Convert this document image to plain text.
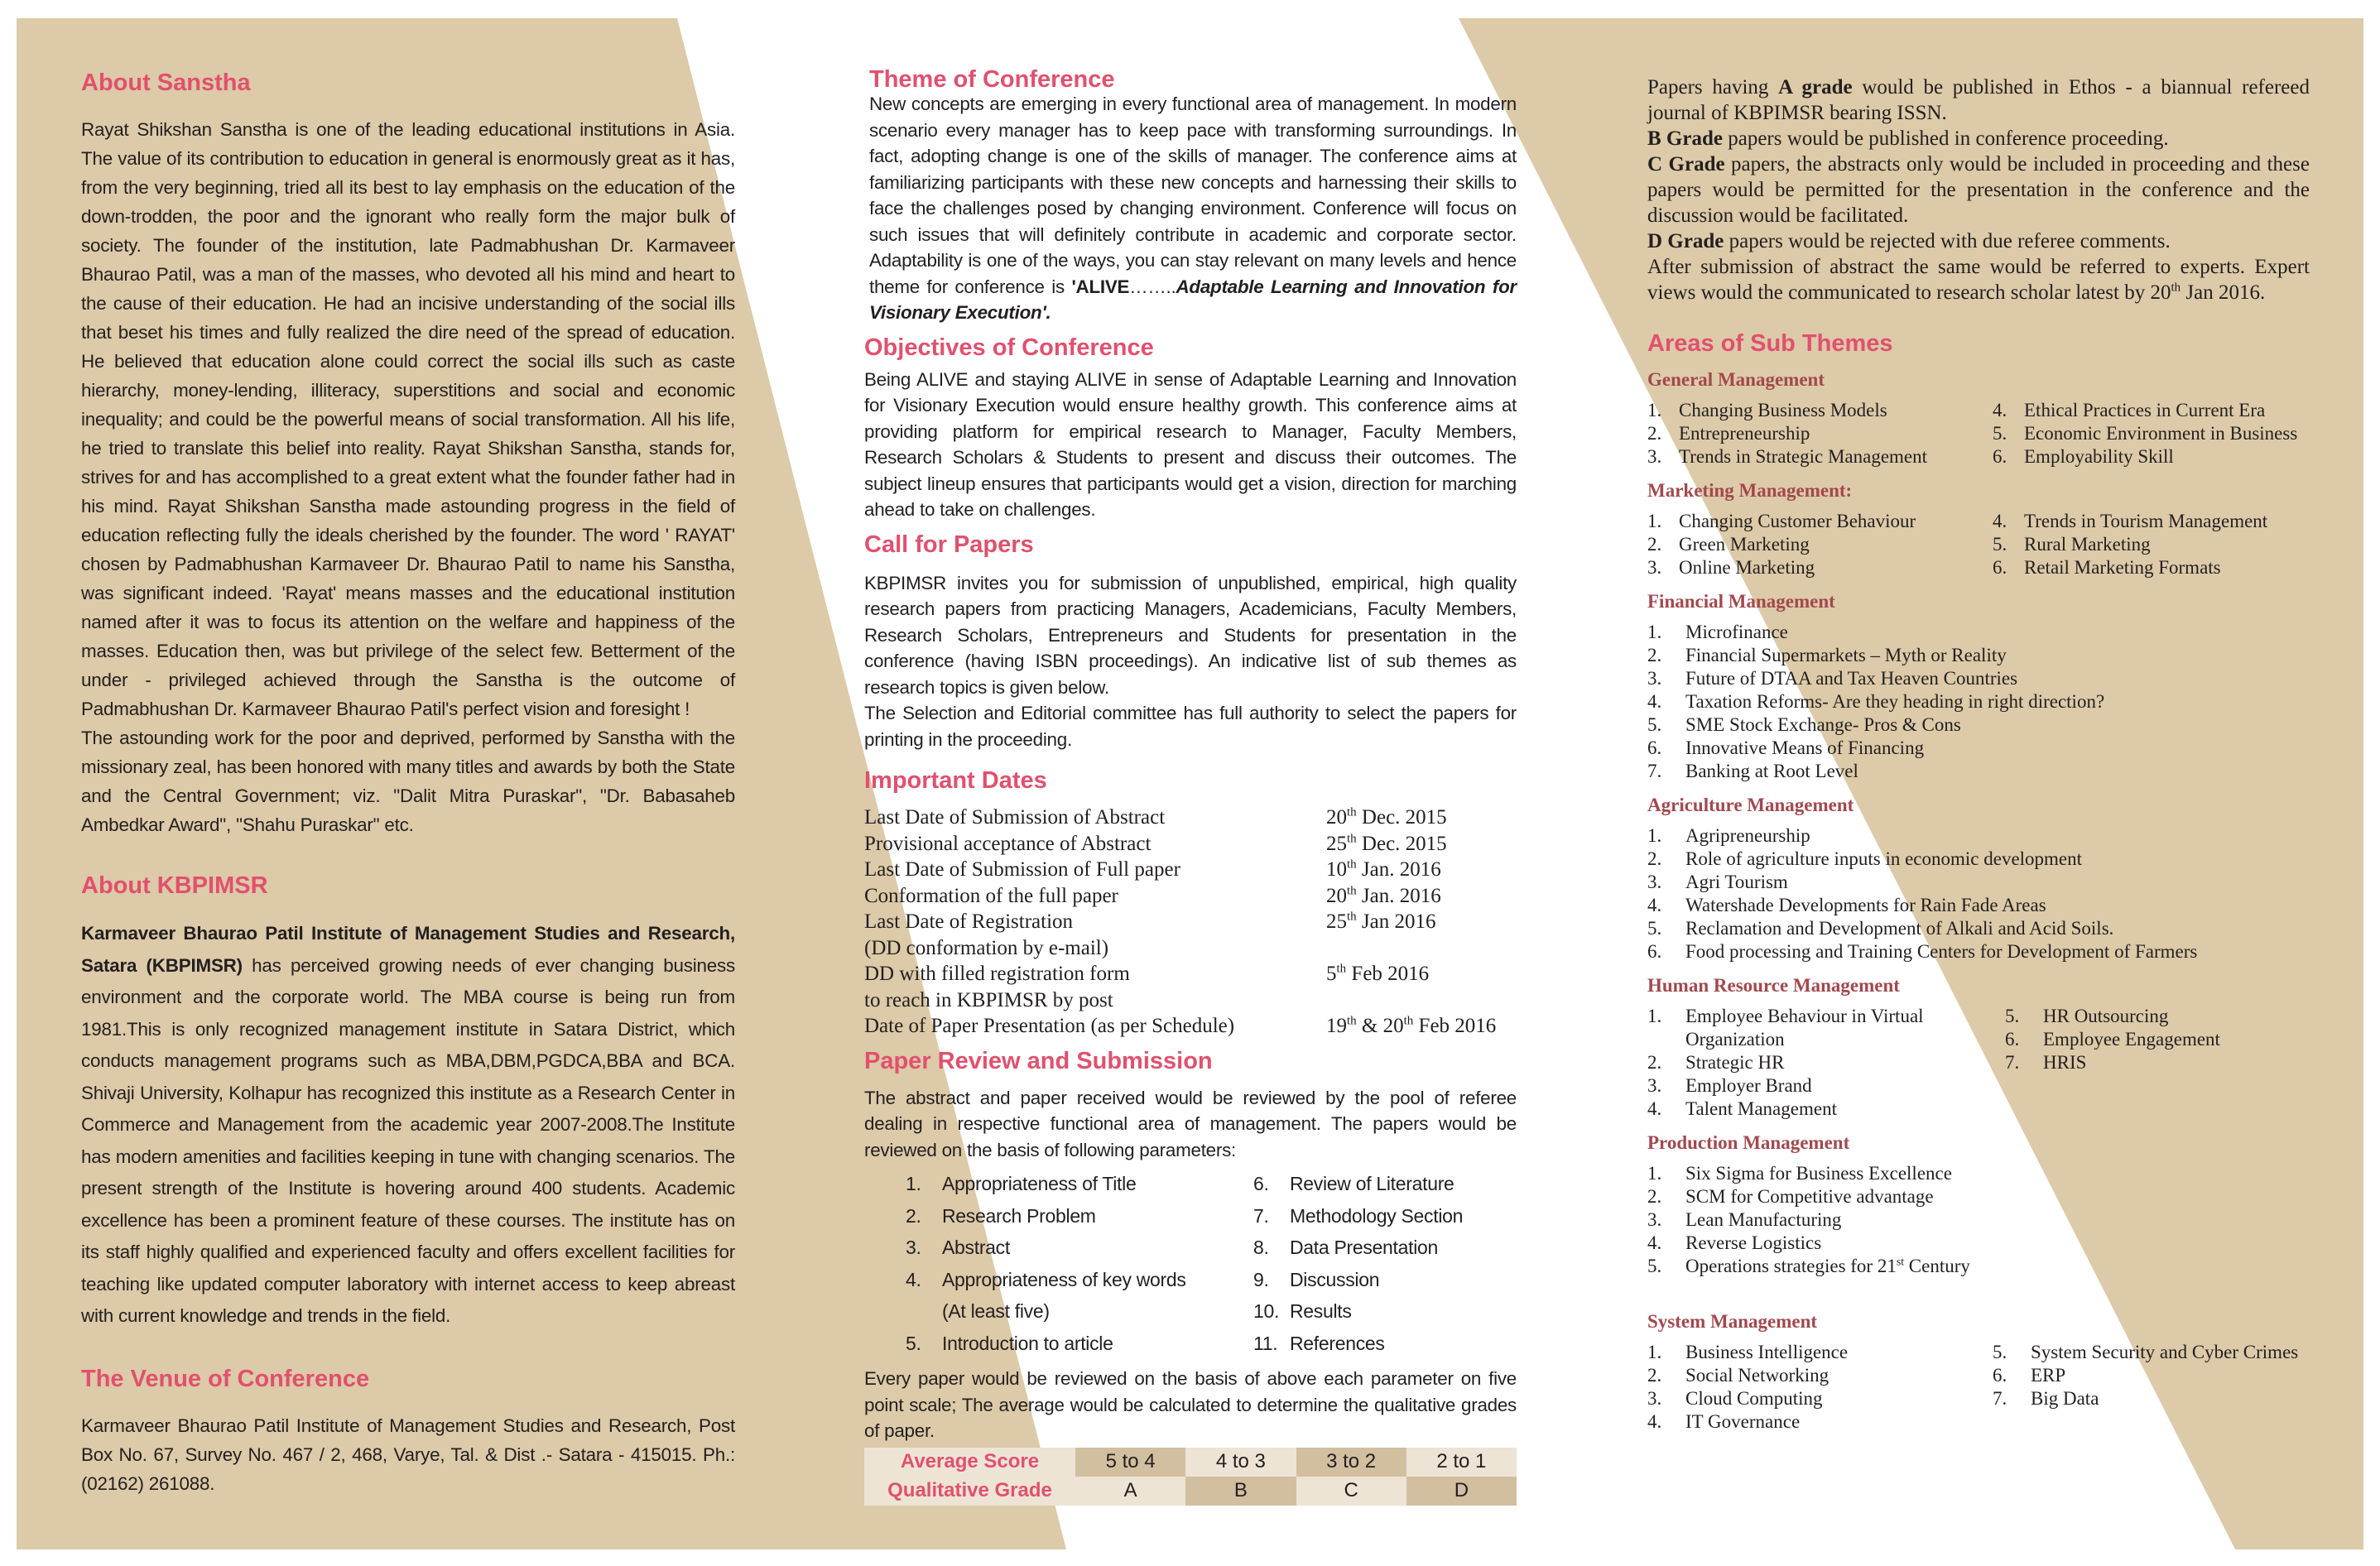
About Sanstha

Rayat Shikshan Sanstha is one of the leading educational institutions in Asia. The value of its contribution to education in general is enormously great as it has, from the very beginning, tried all its best to lay emphasis on the education of the down-trodden, the poor and the ignorant who really form the major bulk of society. The founder of the institution, late Padmabhushan Dr. Karmaveer Bhaurao Patil, was a man of the masses, who devoted all his mind and heart to the cause of their education. He had an incisive understanding of the social ills that beset his times and fully realized the dire need of the spread of education. He believed that education alone could correct the social ills such as caste hierarchy, money-lending, illiteracy, superstitions and social and economic inequality; and could be the powerful means of social transformation. All his life, he tried to translate this belief into reality. Rayat Shikshan Sanstha, stands for, strives for and has accomplished to a great extent what the founder father had in his mind. Rayat Shikshan Sanstha made astounding progress in the field of education reflecting fully the ideals cherished by the founder. The word ' RAYAT' chosen by Padmabhushan Karmaveer Dr. Bhaurao Patil to name his Sanstha, was significant indeed. 'Rayat' means masses and the educational institution named after it was to focus its attention on the welfare and happiness of the masses. Education then, was but privilege of the select few. Betterment of the under - privileged achieved through the Sanstha is the outcome of Padmabhushan Dr. Karmaveer Bhaurao Patil's perfect vision and foresight !

The astounding work for the poor and deprived, performed by Sanstha with the missionary zeal, has been honored with many titles and awards by both the State and the Central Government; viz. "Dalit Mitra Puraskar", "Dr. Babasaheb Ambedkar Award", "Shahu Puraskar" etc.

About KBPIMSR

Karmaveer Bhaurao Patil Institute of Management Studies and Research, Satara (KBPIMSR) has perceived growing needs of ever changing business environment and the corporate world. The MBA course is being run from 1981.This is only recognized management institute in Satara District, which conducts management programs such as MBA,DBM,PGDCA,BBA and BCA. Shivaji University, Kolhapur has recognized this institute as a Research Center in Commerce and Management from the academic year 2007-2008.The Institute has modern amenities and facilities keeping in tune with changing scenarios. The present strength of the Institute is hovering around 400 students. Academic excellence has been a prominent feature of these courses. The institute has on its staff highly qualified and experienced faculty and offers excellent facilities for teaching like updated computer laboratory with internet access to keep abreast with current knowledge and trends in the field.

The Venue of Conference

Karmaveer Bhaurao Patil Institute of Management Studies and Research, Post Box No. 67, Survey No. 467 / 2, 468, Varye, Tal. & Dist .- Satara - 415015. Ph.: (02162) 261088.

Theme of Conference

New concepts are emerging in every functional area of management. In modern scenario every manager has to keep pace with transforming surroundings. In fact, adopting change is one of the skills of manager. The conference aims at familiarizing participants with these new concepts and harnessing their skills to face the challenges posed by changing environment. Conference will focus on such issues that will definitely contribute in academic and corporate sector. Adaptability is one of the ways, you can stay relevant on many levels and hence theme for conference is 'ALIVE……..Adaptable Learning and Innovation for Visionary Execution'.

Objectives of Conference

Being ALIVE and staying ALIVE in sense of Adaptable Learning and Innovation for Visionary Execution would ensure healthy growth. This conference aims at providing platform for empirical research to Manager, Faculty Members, Research Scholars & Students to present and discuss their outcomes. The subject lineup ensures that participants would get a vision, direction for marching ahead to take on challenges.

Call for Papers

KBPIMSR invites you for submission of unpublished, empirical, high quality research papers from practicing Managers, Academicians, Faculty Members, Research Scholars, Entrepreneurs and Students for presentation in the conference (having ISBN proceedings). An indicative list of sub themes as research topics is given below.

The Selection and Editorial committee has full authority to select the papers for printing in the proceeding.

Important Dates
Last Date of Submission of Abstract	20th Dec. 2015
Provisional acceptance of Abstract	25th Dec. 2015
Last Date of Submission of Full paper	10th Jan. 2016
Conformation of the full paper	20th Jan. 2016
Last Date of Registration	25th Jan 2016
(DD conformation by e-mail)	
DD with filled registration form	5th Feb 2016
to reach in KBPIMSR by post	
Date of Paper Presentation (as per Schedule)	19th & 20th Feb 2016
Paper Review and Submission

The abstract and paper received would be reviewed by the pool of referee dealing in respective functional area of management. The papers would be reviewed on the basis of following parameters:

1.	Appropriateness of Title	6.	Review of Literature
2.	Research Problem	7.	Methodology Section
3.	Abstract	8.	Data Presentation
4.	Appropriateness of key words	9.	Discussion
(At least five)	10. Results
5.	Introduction to article	11. References

Every paper would be reviewed on the basis of above each parameter on five point scale; The average would be calculated to determine the qualitative grades of paper.

Average Score	5 to 4	4 to 3	3 to 2	2 to 1
Qualitative Grade	A	B	C	D

Papers having A grade would be published in Ethos - a biannual refereed journal of KBPIMSR bearing ISSN.
B Grade papers would be published in conference proceeding.
C Grade papers, the abstracts only would be included in proceeding and these papers would be permitted for the presentation in the conference and the discussion would be facilitated.
D Grade papers would be rejected with due referee comments.

After submission of abstract the same would be referred to experts. Expert views would the communicated to research scholar latest by 20th Jan 2016.

Areas of Sub Themes
General Management
1. Changing Business Models
2. Entrepreneurship
3. Trends in Strategic Management
4. Ethical Practices in Current Era
5. Economic Environment in Business
6. Employability Skill
Marketing Management:
1. Changing Customer Behaviour
2. Green Marketing
3. Online Marketing
4. Trends in Tourism Management
5. Rural Marketing
6. Retail Marketing Formats
Financial Management
1.	Microfinance
2.	Financial Supermarkets – Myth or Reality
3.	Future of DTAA and Tax Heaven Countries
4.	Taxation Reforms- Are they heading in right direction?
5.	SME Stock Exchange- Pros & Cons
6.	Innovative Means of Financing
7.	Banking at Root Level
Agriculture Management
1.	Agripreneurship
2.	Role of agriculture inputs in economic development
3.	Agri Tourism
4.	Watershade Developments for Rain Fade Areas
5.	Reclamation and Development of Alkali and Acid Soils.
6.	Food processing and Training Centers for Development of Farmers
Human Resource Management
1.	Employee Behaviour in Virtual Organization
2.	Strategic HR
3.	Employer Brand
4.	Talent Management
5.	HR Outsourcing
6.	Employee Engagement
7.	HRIS
Production Management
1.	Six Sigma for Business Excellence
2.	SCM for Competitive advantage
3.	Lean Manufacturing
4.	Reverse Logistics
5.	Operations strategies for 21st Century
System Management
1.	Business Intelligence
2.	Social Networking
3.	Cloud Computing
4.	IT Governance
5.	System Security and Cyber Crimes
6.	ERP
7.	Big Data
